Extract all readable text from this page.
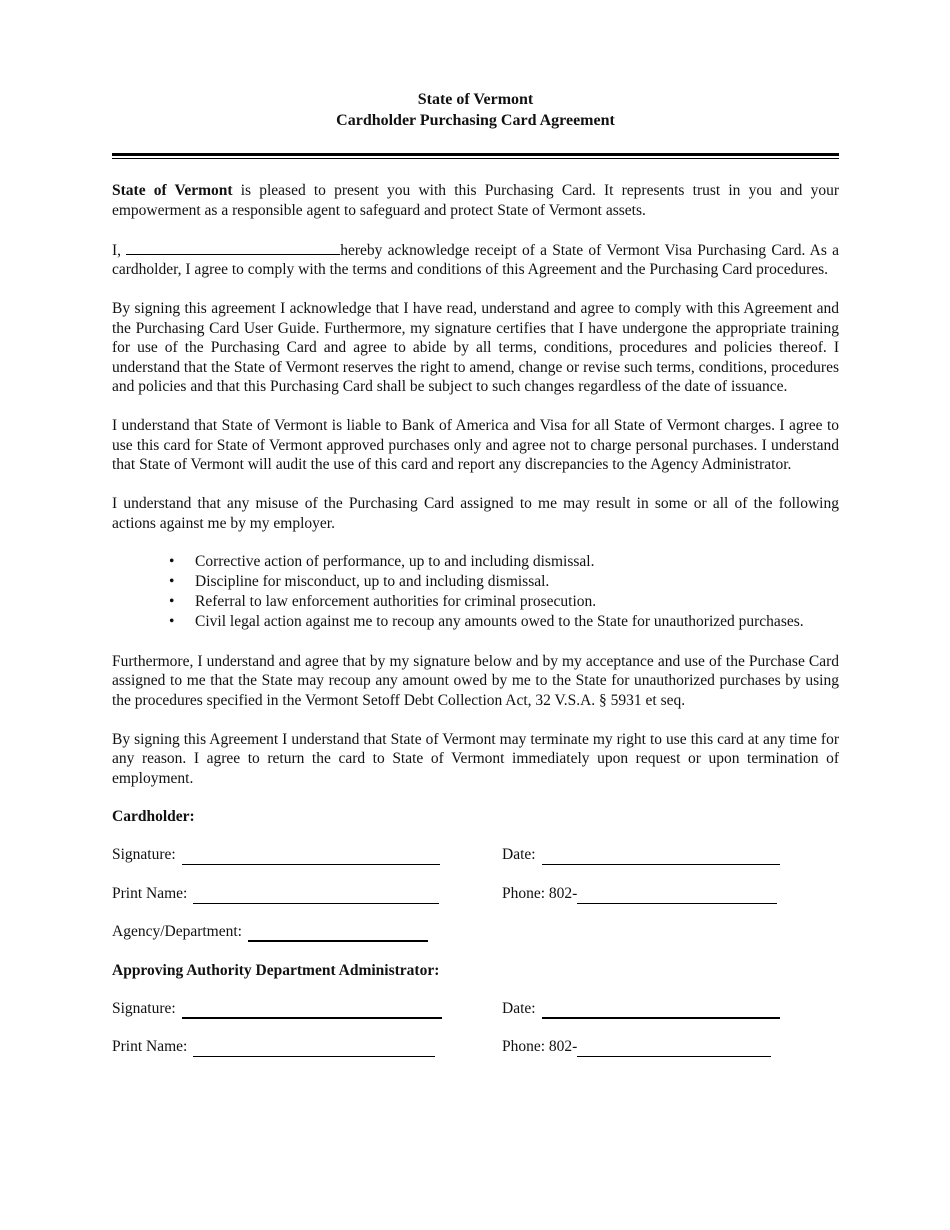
State of Vermont
Cardholder Purchasing Card Agreement

State of Vermont is pleased to present you with this Purchasing Card. It represents trust in you and your empowerment as a responsible agent to safeguard and protect State of Vermont assets.

I,	hereby acknowledge receipt of a State of Vermont Visa Purchasing Card. As a cardholder, I agree to comply with the terms and conditions of this Agreement and the Purchasing Card procedures.

By signing this agreement I acknowledge that I have read, understand and agree to comply with this Agreement and the Purchasing Card User Guide. Furthermore, my signature certifies that I have undergone the appropriate training for use of the Purchasing Card and agree to abide by all terms, conditions, procedures and policies thereof. I understand that the State of Vermont reserves the right to amend, change or revise such terms, conditions, procedures and policies and that this Purchasing Card shall be subject to such changes regardless of the date of issuance.

I understand that State of Vermont is liable to Bank of America and Visa for all State of Vermont charges. I agree to use this card for State of Vermont approved purchases only and agree not to charge personal purchases. I understand that State of Vermont will audit the use of this card and report any discrepancies to the Agency Administrator.

I understand that any misuse of the Purchasing Card assigned to me may result in some or all of the following actions against me by my employer.

• Corrective action of performance, up to and including dismissal.
• Discipline for misconduct, up to and including dismissal.
• Referral to law enforcement authorities for criminal prosecution.
• Civil legal action against me to recoup any amounts owed to the State for unauthorized purchases.

Furthermore, I understand and agree that by my signature below and by my acceptance and use of the Purchase Card assigned to me that the State may recoup any amount owed by me to the State for unauthorized purchases by using the procedures specified in the Vermont Setoff Debt Collection Act, 32 V.S.A. § 5931 et seq.

By signing this Agreement I understand that State of Vermont may terminate my right to use this card at any time for any reason. I agree to return the card to State of Vermont immediately upon request or upon termination of employment.

Cardholder:
Signature:	Date:
Print Name:	Phone: 802-
Agency/Department:
Approving Authority Department Administrator:
Signature:	Date:
Print Name:	Phone: 802-
